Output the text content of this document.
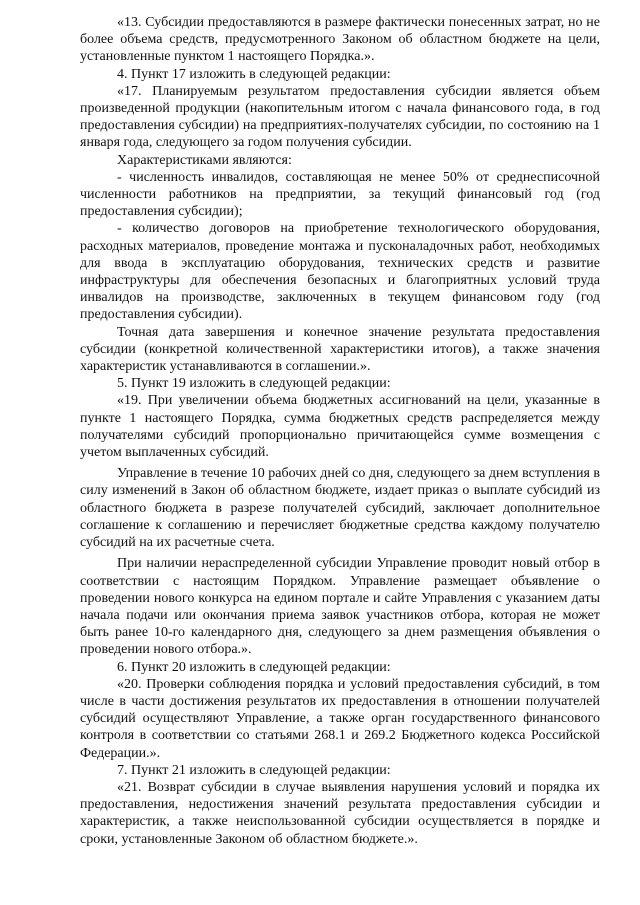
«13. Субсидии предоставляются в размере фактически понесенных затрат, но не более объема средств, предусмотренного Законом об областном бюджете на цели, установленные пунктом 1 настоящего Порядка.».

4. Пункт 17 изложить в следующей редакции:

«17. Планируемым результатом предоставления субсидии является объем произведенной продукции (накопительным итогом с начала финансового года, в год предоставления субсидии) на предприятиях-получателях субсидии, по состоянию на 1 января года, следующего за годом получения субсидии.

Характеристиками являются:

- численность инвалидов, составляющая не менее 50% от среднесписочной численности работников на предприятии, за текущий финансовый год (год предоставления субсидии);

- количество договоров на приобретение технологического оборудования, расходных материалов, проведение монтажа и пусконаладочных работ, необходимых для ввода в эксплуатацию оборудования, технических средств и развитие инфраструктуры для обеспечения безопасных и благоприятных условий труда инвалидов на производстве, заключенных в текущем финансовом году (год предоставления субсидии).

Точная дата завершения и конечное значение результата предоставления субсидии (конкретной количественной характеристики итогов), а также значения характеристик устанавливаются в соглашении.».

5. Пункт 19 изложить в следующей редакции:

«19. При увеличении объема бюджетных ассигнований на цели, указанные в пункте 1 настоящего Порядка, сумма бюджетных средств распределяется между получателями субсидий пропорционально причитающейся сумме возмещения с учетом выплаченных субсидий.

Управление в течение 10 рабочих дней со дня, следующего за днем вступления в силу изменений в Закон об областном бюджете, издает приказ о выплате субсидий из областного бюджета в разрезе получателей субсидий, заключает дополнительное соглашение к соглашению и перечисляет бюджетные средства каждому получателю субсидий на их расчетные счета.

При наличии нераспределенной субсидии Управление проводит новый отбор в соответствии с настоящим Порядком. Управление размещает объявление о проведении нового конкурса на едином портале и сайте Управления с указанием даты начала подачи или окончания приема заявок участников отбора, которая не может быть ранее 10-го календарного дня, следующего за днем размещения объявления о проведении нового отбора.».

6. Пункт 20 изложить в следующей редакции:

«20. Проверки соблюдения порядка и условий предоставления субсидий, в том числе в части достижения результатов их предоставления в отношении получателей субсидий осуществляют Управление, а также орган государственного финансового контроля в соответствии со статьями 268.1 и 269.2 Бюджетного кодекса Российской Федерации.».

7. Пункт 21 изложить в следующей редакции:

«21. Возврат субсидии в случае выявления нарушения условий и порядка их предоставления, недостижения значений результата предоставления субсидии и характеристик, а также неиспользованной субсидии осуществляется в порядке и сроки, установленные Законом об областном бюджете.».
